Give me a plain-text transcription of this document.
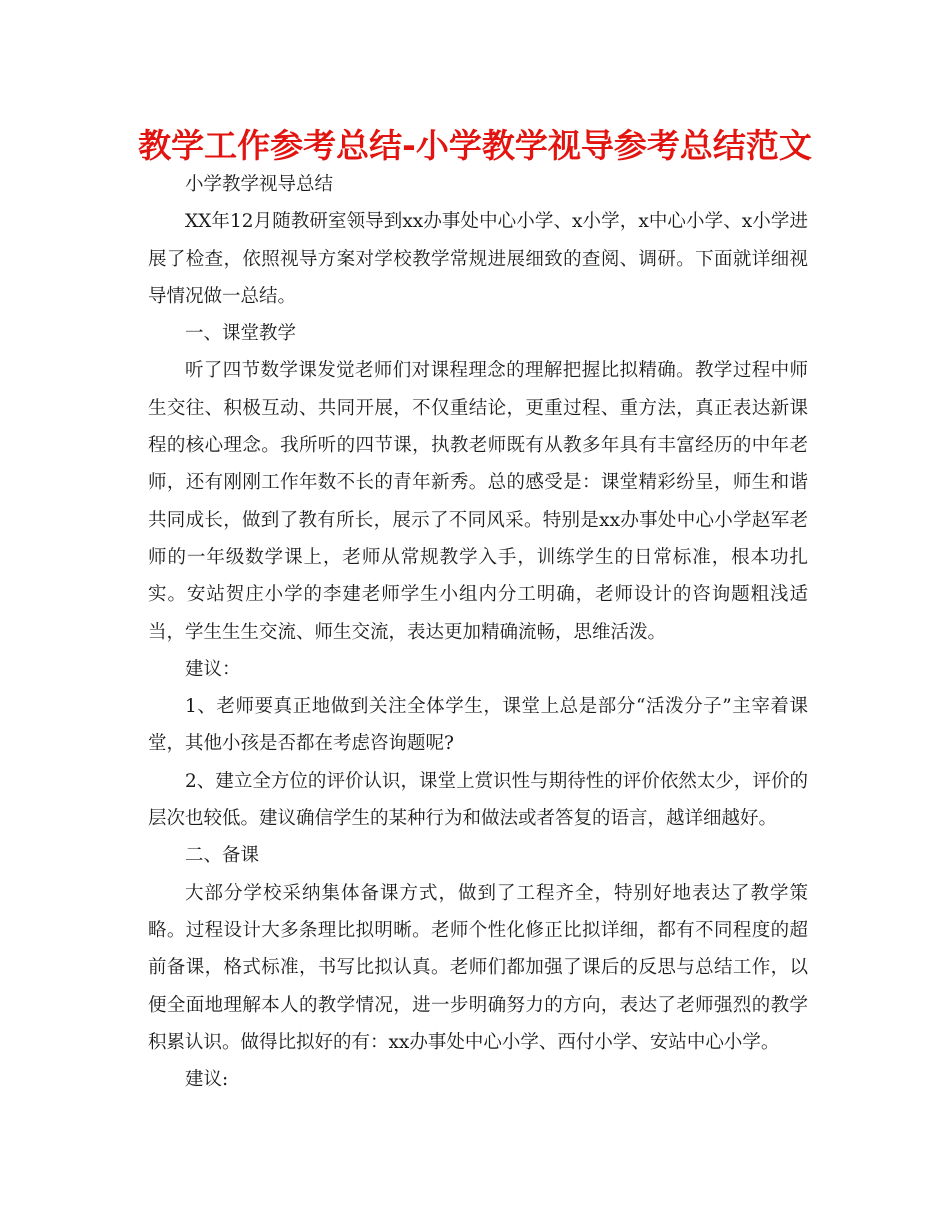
教学工作参考总结-小学教学视导参考总结范文

小学教学视导总结

XX年12月随教研室领导到xx办事处中心小学、x小学，x中心小学、x小学进展了检查，依照视导方案对学校教学常规进展细致的查阅、调研。下面就详细视导情况做一总结。

一、课堂教学

听了四节数学课发觉老师们对课程理念的理解把握比拟精确。教学过程中师生交往、积极互动、共同开展，不仅重结论，更重过程、重方法，真正表达新课程的核心理念。我所听的四节课，执教老师既有从教多年具有丰富经历的中年老师，还有刚刚工作年数不长的青年新秀。总的感受是：课堂精彩纷呈，师生和谐共同成长，做到了教有所长，展示了不同风采。特别是xx办事处中心小学赵军老师的一年级数学课上，老师从常规教学入手，训练学生的日常标准，根本功扎实。安站贺庄小学的李建老师学生小组内分工明确，老师设计的咨询题粗浅适当，学生生生交流、师生交流，表达更加精确流畅，思维活泼。

建议：

1、老师要真正地做到关注全体学生，课堂上总是部分“活泼分子”主宰着课堂，其他小孩是否都在考虑咨询题呢?

2、建立全方位的评价认识，课堂上赏识性与期待性的评价依然太少，评价的层次也较低。建议确信学生的某种行为和做法或者答复的语言，越详细越好。

二、备课

大部分学校采纳集体备课方式，做到了工程齐全，特别好地表达了教学策略。过程设计大多条理比拟明晰。老师个性化修正比拟详细，都有不同程度的超前备课，格式标准，书写比拟认真。老师们都加强了课后的反思与总结工作，以便全面地理解本人的教学情况，进一步明确努力的方向，表达了老师强烈的教学积累认识。做得比拟好的有：xx办事处中心小学、西付小学、安站中心小学。

建议:
